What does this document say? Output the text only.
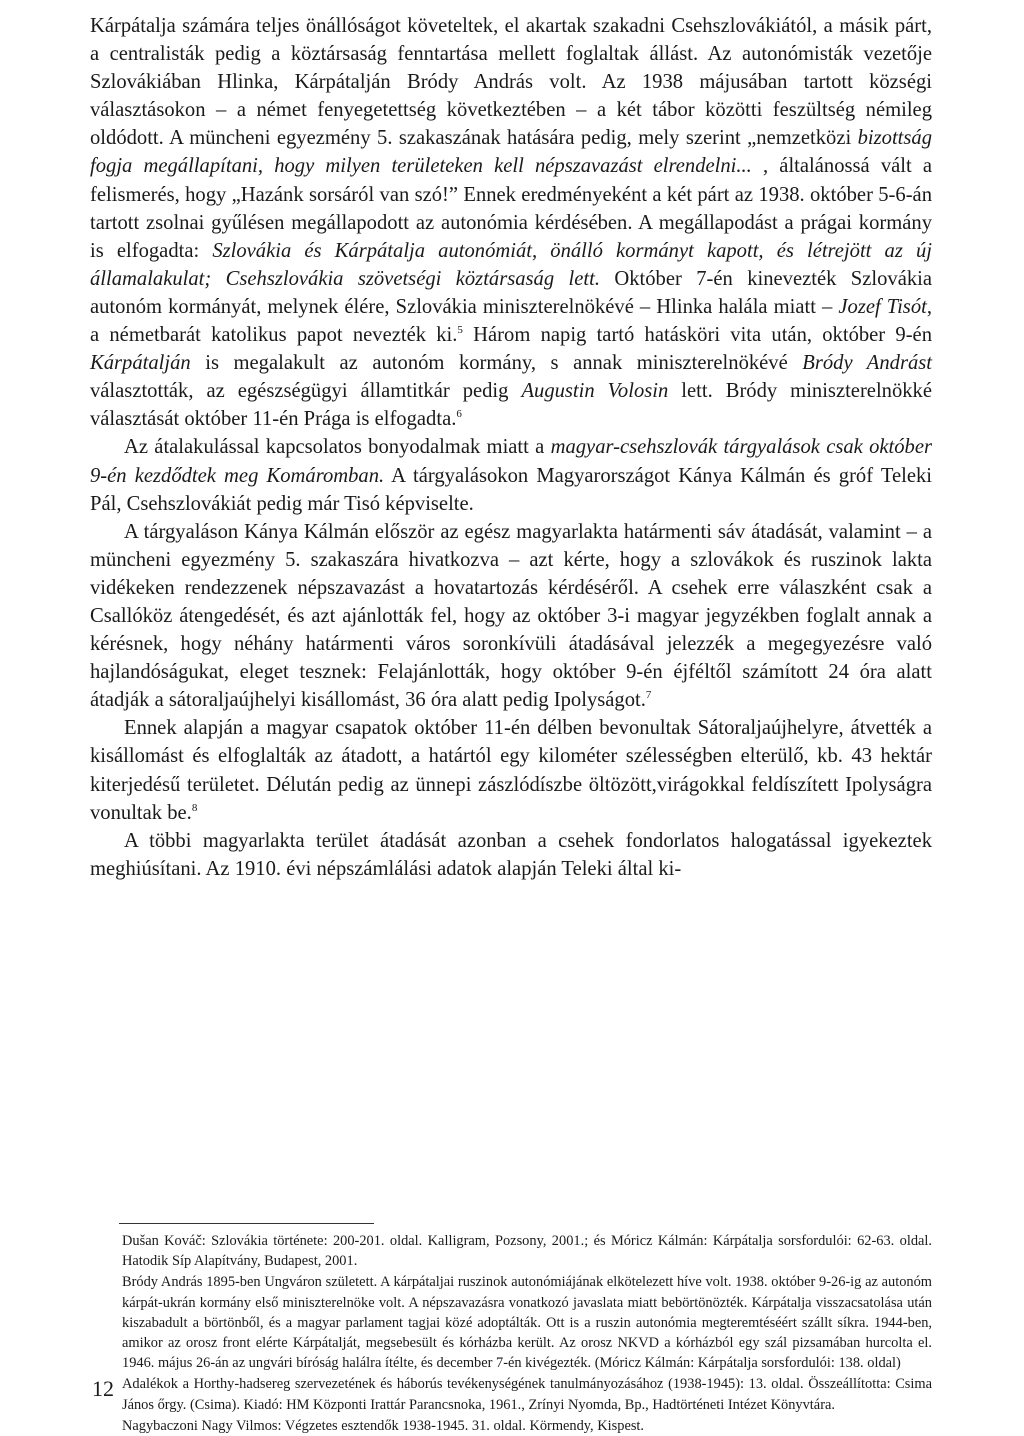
Kárpátalja számára teljes önállóságot követeltek, el akartak szakadni Csehszlovákiától, a másik párt, a centralisták pedig a köztársaság fenntartása mellett foglaltak állást. Az autonómisták vezetője Szlovákiában Hlinka, Kárpátalján Bródy András volt. Az 1938 májusában tartott községi választásokon – a német fenyegetettség következtében – a két tábor közötti feszültség némileg oldódott. A müncheni egyezmény 5. szakaszának hatására pedig, mely szerint „nemzetközi bizottság fogja megállapítani, hogy milyen területeken kell népszavazást elrendelni... , általánossá vált a felismerés, hogy „Hazánk sorsáról van szó!” Ennek eredményeként a két párt az 1938. október 5-6-án tartott zsolnai gyűlésen megállapodott az autonómia kérdésében. A megállapodást a prágai kormány is elfogadta: Szlovákia és Kárpátalja autonómiát, önálló kormányt kapott, és létrejött az új államalakulat; Csehszlovákia szövetségi köztársaság lett. Október 7-én kinevezték Szlovákia autonóm kormányát, melynek élére, Szlovákia miniszterelnökévé – Hlinka halála miatt – Jozef Tisót, a németbarát katolikus papot nevezték ki.$^5$ Három napig tartó hatásköri vita után, október 9-én Kárpátalján is megalakult az autonóm kormány, s annak miniszterelnökévé Bródy Andrást választották, az egészségügyi államtitkár pedig Augustin Volosin lett. Bródy miniszterelnökké választását október 11-én Prága is elfogadta.$^6$

Az átalakulással kapcsolatos bonyodalmak miatt a magyar-csehszlovák tárgyalások csak október 9-én kezdődtek meg Komáromban. A tárgyalásokon Magyarországot Kánya Kálmán és gróf Teleki Pál, Csehszlovákiát pedig már Tisó képviselte.

A tárgyaláson Kánya Kálmán először az egész magyarlakta határmenti sáv átadását, valamint – a müncheni egyezmény 5. szakaszára hivatkozva – azt kérte, hogy a szlovákok és ruszinok lakta vidékeken rendezzenek népszavazást a hovatartozás kérdéséről. A csehek erre válaszként csak a Csallóköz átengedését, és azt ajánlották fel, hogy az október 3-i magyar jegyzékben foglalt annak a kérésnek, hogy néhány határmenti város soronkívüli átadásával jelezzék a megegyezésre való hajlandóságukat, eleget tesznek: Felajánlották, hogy október 9-én éjféltől számított 24 óra alatt átadják a sátoraljaújhelyi kisállomást, 36 óra alatt pedig Ipolyságot.$^7$

Ennek alapján a magyar csapatok október 11-én délben bevonultak Sátoraljaújhelyre, átvették a kisállomást és elfoglalták az átadott, a határtól egy kilométer szélességben elterülő, kb. 43 hektár kiterjedésű területet. Délután pedig az ünnepi zászlódíszbe öltözött,virágokkal feldíszített Ipolyságra vonultak be.$^8$

A többi magyarlakta terület átadását azonban a csehek fondorlatos halogatással igyekeztek meghiúsítani. Az 1910. évi népszámlálási adatok alapján Teleki által ki-

Dušan Kováč: Szlovákia története: 200-201. oldal. Kalligram, Pozsony, 2001.; és Móricz Kálmán: Kárpátalja sorsfordulói: 62-63. oldal. Hatodik Síp Alapítvány, Budapest, 2001.

Bródy András 1895-ben Ungváron született. A kárpátaljai ruszinok autonómiájának elkötelezett híve volt. 1938. október 9-26-ig az autonóm kárpát-ukrán kormány első miniszterelnöke volt. A népszavazásra vonatkozó javaslata miatt bebörtönözték. Kárpátalja visszacsatolása után kiszabadult a börtönből, és a magyar parlament tagjai közé adoptálták. Ott is a ruszin autonómia megteremtéséért szállt síkra. 1944-ben, amikor az orosz front elérte Kárpátalját, megsebesült és kórházba került. Az orosz NKVD a kórházból egy szál pizsamában hurcolta el. 1946. május 26-án az ungvári bíróság halálra ítélte, és december 7-én kivégezték. (Móricz Kálmán: Kárpátalja sorsfordulói: 138. oldal)

Adalékok a Horthy-hadsereg szervezetének és háborús tevékenységének tanulmányozásához (1938-1945): 13. oldal. Összeállította: Csima János őrgy. (Csima). Kiadó: HM Központi Irattár Parancsnoka, 1961., Zrínyi Nyomda, Bp., Hadtörténeti Intézet Könyvtára.

Nagybaczoni Nagy Vilmos: Végzetes esztendők 1938-1945. 31. oldal. Körmendy, Kispest.

12
